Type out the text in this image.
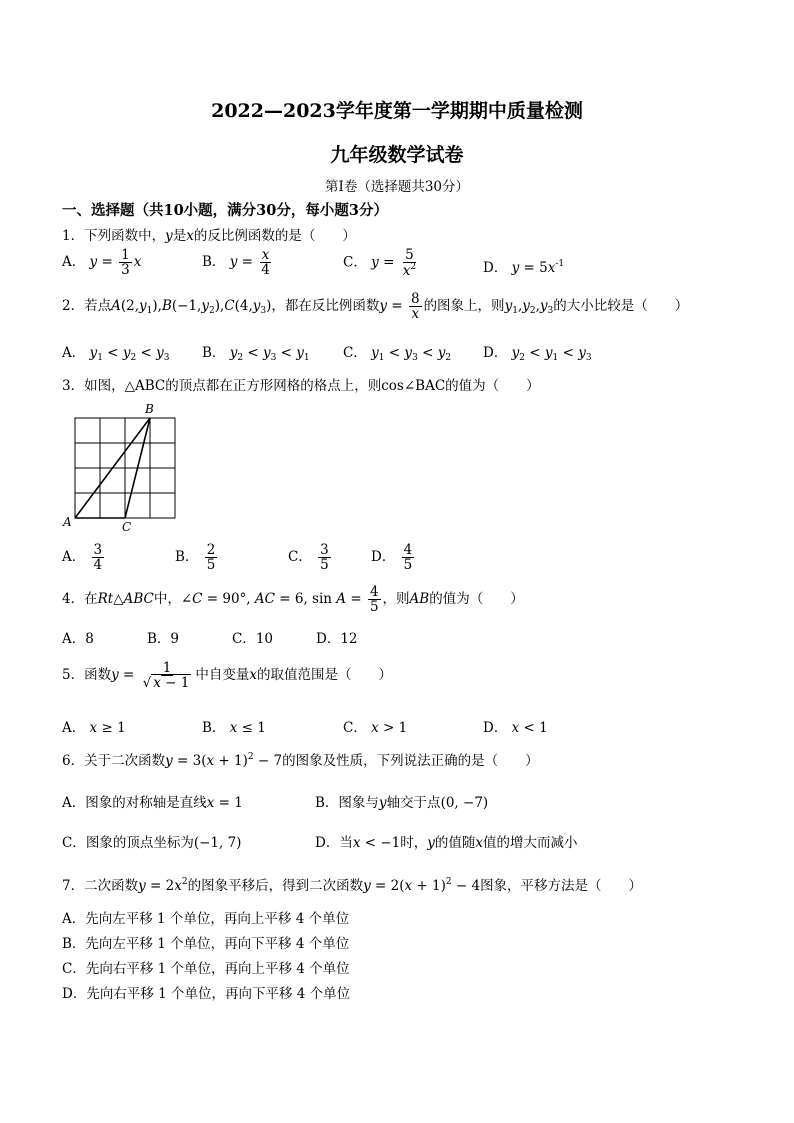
2022—2023学年度第一学期期中质量检测
九年级数学试卷
第Ⅰ卷（选择题共30分）
一、选择题（共10小题，满分30分，每小题3分）
1．下列函数中，y是x的反比例函数的是（　　）
A． $y = \frac{1}{3}$ x	B． $y = \frac{x}{4}$	C． $y = \frac{5}{x^2}$	D． $y = 5x^{-1}$
2．若点$A(2,y_1),B(-1,y_2),C(4,y_3)$，都在反比例函数$y = \frac{8}{x}$ 的图象上，则$y_1,y_2,y_3$的大小比较是（　　）
A． $y_1 < y_2 < y_3$ B． $y_2 < y_3 < y_1$ C． $y_1 < y_3 < y_2$ D． $y_2 < y_1 < y_3$
3．如图，△ABC的顶点都在正方形网格的格点上，则cos∠BAC的值为（　　）
A
B
C
A． $\frac{3}{4}$	B． $\frac{2}{5}$	C． $\frac{3}{5}$	D． $\frac{4}{5}$
4．在Rt△ABC中，∠C = 90°, AC = 6, $\sin A = \frac{4}{5}$ ，则AB的值为（　　）
A．8	B．9	C．10	D．12
5．函数$y = \frac{1}{√ x - 1}$ 中自变量x的取值范围是（　　）
A． x ≥ 1	B． x ≤ 1	C． x > 1	D． x < 1
6．关于二次函数$y = 3(x + 1)^2 - 7$的图象及性质，下列说法正确的是（　　）
A．图象的对称轴是直线x = 1	B．图象与y轴交于点(0, −7)
C．图象的顶点坐标为(−1, 7)	D．当x < −1时，y的值随x值的增大而减小
7．二次函数$y = 2x^2$的图象平移后，得到二次函数$y = 2(x + 1)^2 - 4$图象，平移方法是（　　）
A．先向左平移 1 个单位，再向上平移 4 个单位
B．先向左平移 1 个单位，再向下平移 4 个单位
C．先向右平移 1 个单位，再向上平移 4 个单位
D．先向右平移 1 个单位，再向下平移 4 个单位
